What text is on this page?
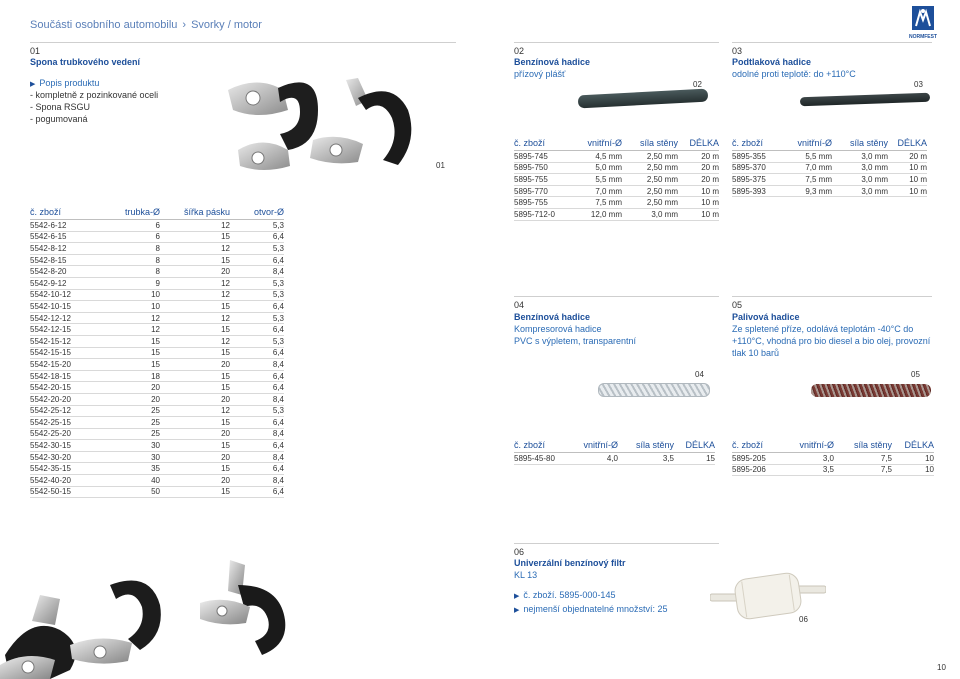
Součásti osobního automobilu › Svorky / motor
NORMFEST
01
Spona trubkového vedení
▶ Popis produktu
- kompletně z pozinkované oceli
- Spona RSGU
- pogumovaná
01
č. zboží	trubka-Ø	šířka pásku	otvor-Ø
5542-6-12	6	12	5,3
5542-6-15	6	15	6,4
5542-8-12	8	12	5,3
5542-8-15	8	15	6,4
5542-8-20	8	20	8,4
5542-9-12	9	12	5,3
5542-10-12	10	12	5,3
5542-10-15	10	15	6,4
5542-12-12	12	12	5,3
5542-12-15	12	15	6,4
5542-15-12	15	12	5,3
5542-15-15	15	15	6,4
5542-15-20	15	20	8,4
5542-18-15	18	15	6,4
5542-20-15	20	15	6,4
5542-20-20	20	20	8,4
5542-25-12	25	12	5,3
5542-25-15	25	15	6,4
5542-25-20	25	20	8,4
5542-30-15	30	15	6,4
5542-30-20	30	20	8,4
5542-35-15	35	15	6,4
5542-40-20	40	20	8,4
5542-50-15	50	15	6,4
02
Benzínová hadice
přízový plášť
02
č. zboží	vnitřní-Ø	síla stěny	DÉLKA
5895-745	4,5 mm	2,50 mm	20 m
5895-750	5,0 mm	2,50 mm	20 m
5895-755	5,5 mm	2,50 mm	20 m
5895-770	7,0 mm	2,50 mm	10 m
5895-755	7,5 mm	2,50 mm	10 m
5895-712-0	12,0 mm	3,0 mm	10 m
03
Podtlaková hadice
odolné proti teplotě: do +110°C
03
č. zboží	vnitřní-Ø	síla stěny	DÉLKA
5895-355	5,5 mm	3,0 mm	20 m
5895-370	7,0 mm	3,0 mm	10 m
5895-375	7,5 mm	3,0 mm	10 m
5895-393	9,3 mm	3,0 mm	10 m
04
Benzínová hadice
Kompresorová hadice
PVC s výpletem, transparentní
04
č. zboží	vnitřní-Ø	síla stěny	DÉLKA
5895-45-80	4,0	3,5	15
05
Palivová hadice
Ze spletené příze, odolává teplotám -40°C do
+110°C, vhodná pro bio diesel a bio olej, provozní
tlak 10 barů
05
č. zboží	vnitřní-Ø	síla stěny	DÉLKA
5895-205	3,0	7,5	10
5895-206	3,5	7,5	10
06
Univerzální benzínový filtr
KL 13
▶ č. zboží. 5895-000-145
▶ nejmenší objednatelné množství: 25
06
10
